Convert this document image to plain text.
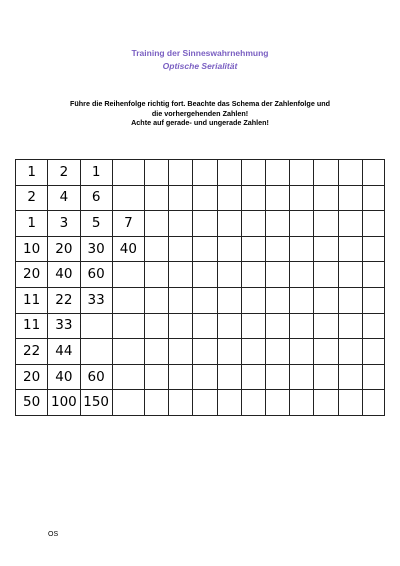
Training der Sinneswahrnehmung
Optische Serialität
Führe die Reihenfolge richtig fort. Beachte das Schema der Zahlenfolge und
die vorhergehenden Zahlen!
Achte auf gerade- und ungerade Zahlen!
1	2	1											
2	4	6											
1	3	5	7										
10	20	30	40										
20	40	60											
11	22	33											
11	33												
22	44												
20	40	60											
50	100	150											
OS
